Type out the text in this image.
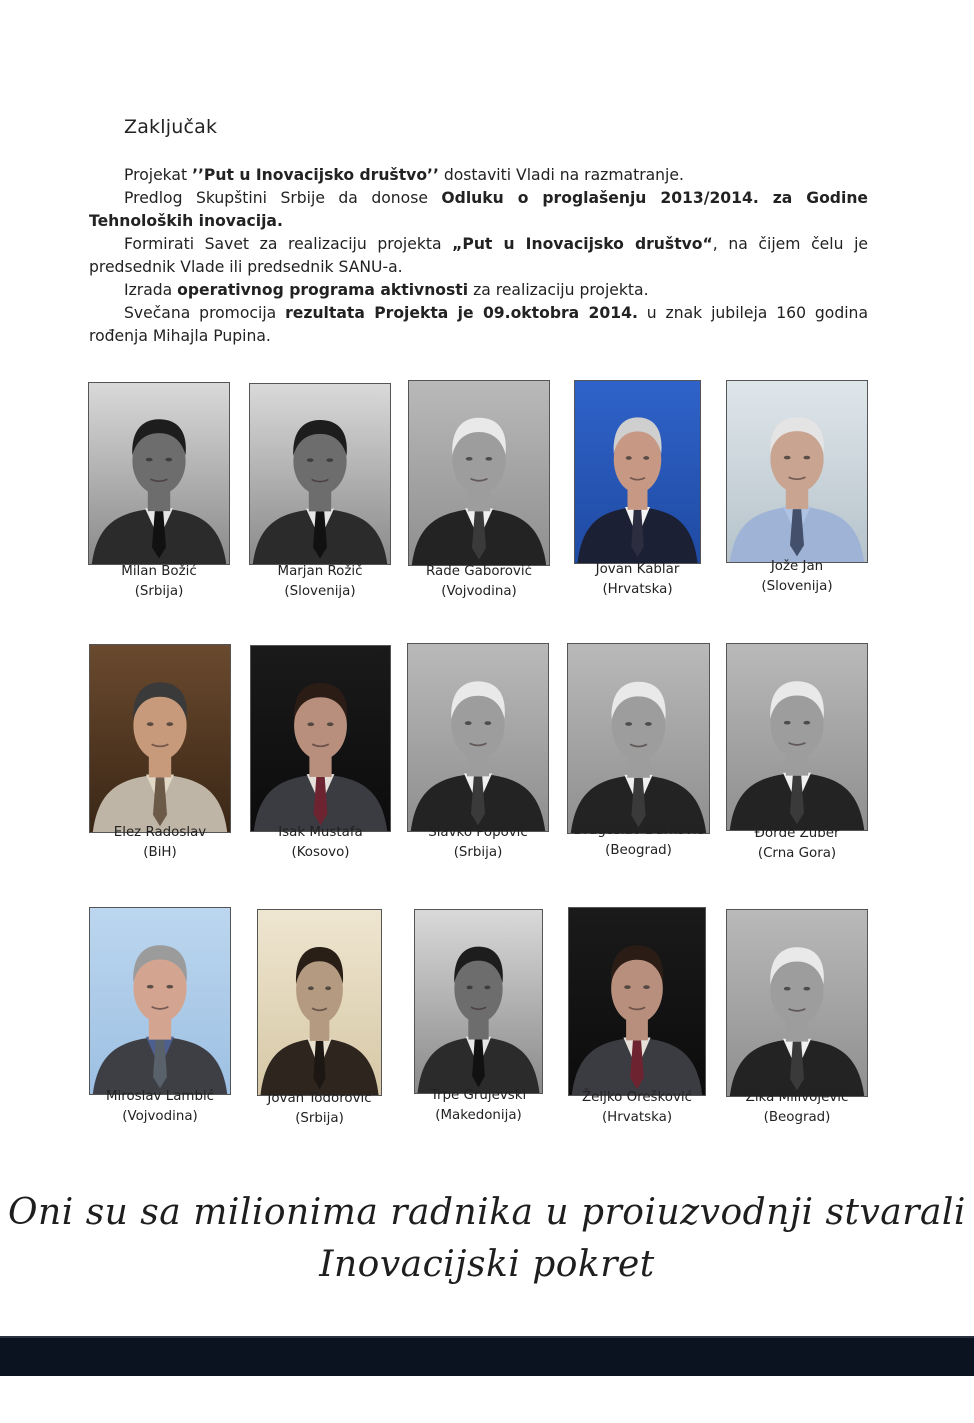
Zaključak

Projekat ’’Put u Inovacijsko društvo’’ dostaviti Vladi na razmatranje.

Predlog Skupštini Srbije da donose Odluku o proglašenju 2013/2014. za Godine Tehnoloških inovacija.

Formirati Savet za realizaciju projekta „Put u Inovacijsko društvo“, na čijem čelu je predsednik Vlade ili predsednik SANU-a.

Izrada operativnog programa aktivnosti za realizaciju projekta.

Svečana promocija rezultata Projekta je 09.oktobra 2014. u znak jubileja 160 godina rođenja Mihajla Pupina.

Milan Božić
(Srbija)
Marjan Rožič
(Slovenija)
Rade Gaborović
(Vojvodina)
Jovan Kablar
(Hrvatska)
Jože Jan
(Slovenija)
Elez Radoslav
(BiH)
Isak Mustafa
(Kosovo)
Slavko Popović
(Srbija)
Dragoslav Durković
(Beograd)
Đorđe Zuber
(Crna Gora)
Miroslav Lambić
(Vojvodina)
Jovan Todorović
(Srbija)
Trpe Grujevski
(Makedonija)
Željko Orešković
(Hrvatska)
Zika Milivojević
(Beograd)
Oni su sa milionima radnika u proiuzvodnji stvarali
Inovacijski pokret
